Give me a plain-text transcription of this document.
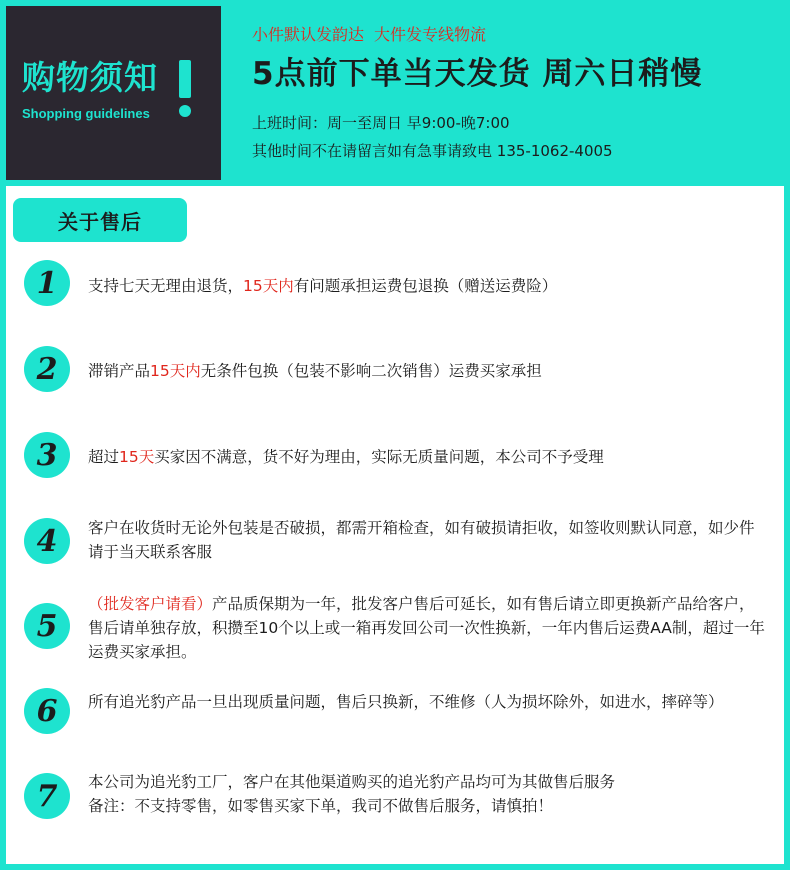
购物须知
Shopping guidelines
小件默认发韵达 大件发专线物流
5点前下单当天发货 周六日稍慢
上班时间：周一至周日 早9:00-晚7:00
其他时间不在请留言如有急事请致电 135-1062-4005
关于售后
1	支持七天无理由退货，15天内有问题承担运费包退换（赠送运费险）
2	滞销产品15天内无条件包换（包装不影响二次销售）运费买家承担
3	超过15天买家因不满意，货不好为理由，实际无质量问题，本公司不予受理
4	客户在收货时无论外包装是否破损，都需开箱检查，如有破损请拒收，如签收则默认同意，如少件请于当天联系客服
5
（批发客户请看）产品质保期为一年，批发客户售后可延长，如有售后请立即更换新产品给客户，售后请单独存放，积攒至10个以上或一箱再发回公司一次性换新，一年内售后运费AA制，超过一年运费买家承担。
6	所有追光豹产品一旦出现质量问题，售后只换新，不维修（人为损坏除外，如进水，摔碎等）
7	本公司为追光豹工厂，客户在其他渠道购买的追光豹产品均可为其做售后服务
备注：不支持零售，如零售买家下单，我司不做售后服务，请慎拍！
